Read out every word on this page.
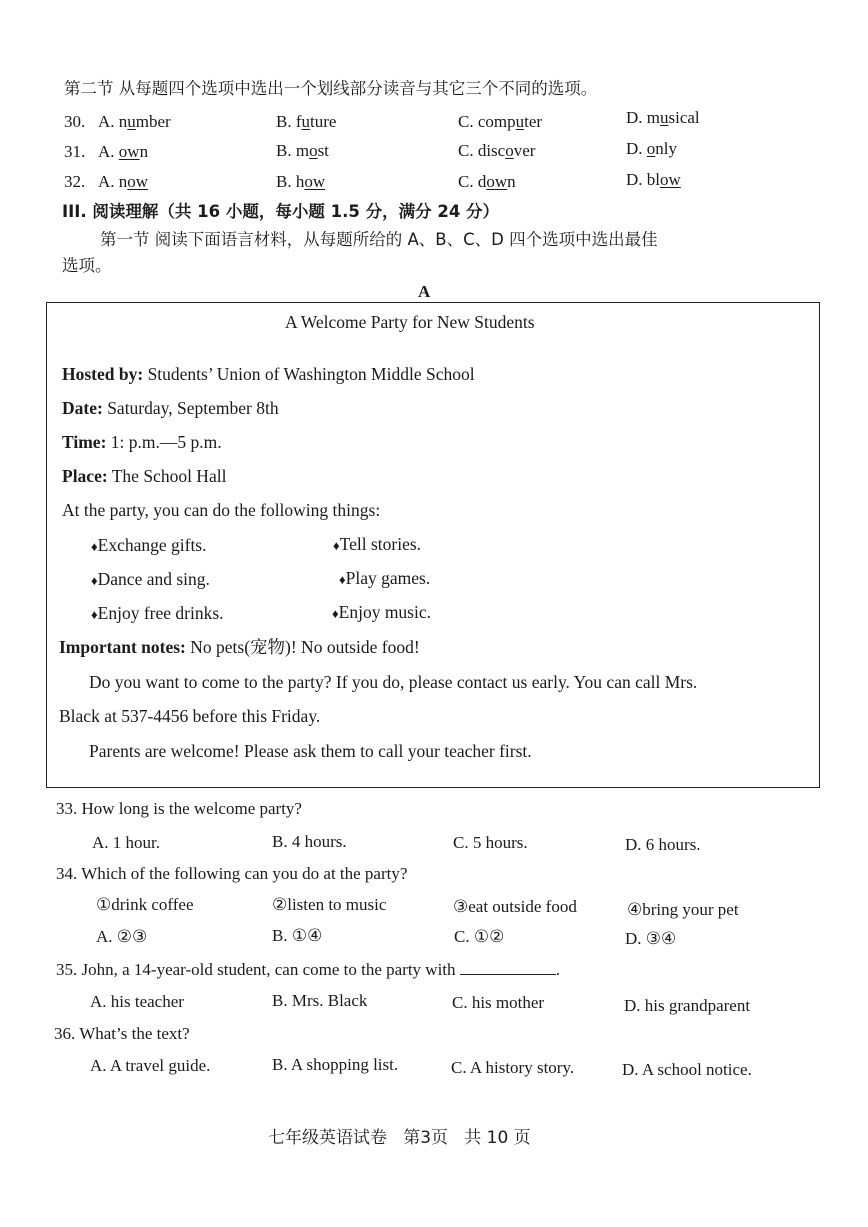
第二节 从每题四个选项中选出一个划线部分读音与其它三个不同的选项。
30. A. number	B. future	C. computer	D. musical
31. A. own	B. most	C. discover	D. only
32. A. now	B. how	C. down	D. blow
III. 阅读理解（共 16 小题，每小题 1.5 分，满分 24 分）
第一节 阅读下面语言材料，从每题所给的 A、B、C、D 四个选项中选出最佳
选项。
A
A Welcome Party for New Students
Hosted by: Students’ Union of Washington Middle School
Date: Saturday, September 8th
Time: 1: p.m.—5 p.m.
Place: The School Hall
At the party, you can do the following things:
♦Exchange gifts.	♦Tell stories.
♦Dance and sing.	♦Play games.
♦Enjoy free drinks.	♦Enjoy music.
Important notes: No pets(宠物)! No outside food!
Do you want to come to the party? If you do, please contact us early. You can call Mrs.
Black at 537-4456 before this Friday.
Parents are welcome! Please ask them to call your teacher first.
33. How long is the welcome party?
A. 1 hour.	B. 4 hours.	C. 5 hours.	D. 6 hours.
34. Which of the following can you do at the party?
①drink coffee	②listen to music	③eat outside food	④bring your pet
A. ②③	B. ①④	C. ①②	D. ③④
35. John, a 14-year-old student, can come to the party with	.
A. his teacher	B. Mrs. Black	C. his mother	D. his grandparent
36. What’s the text?
A. A travel guide.	B. A shopping list.	C. A history story.	D. A school notice.
七年级英语试卷   第3页   共 10 页
